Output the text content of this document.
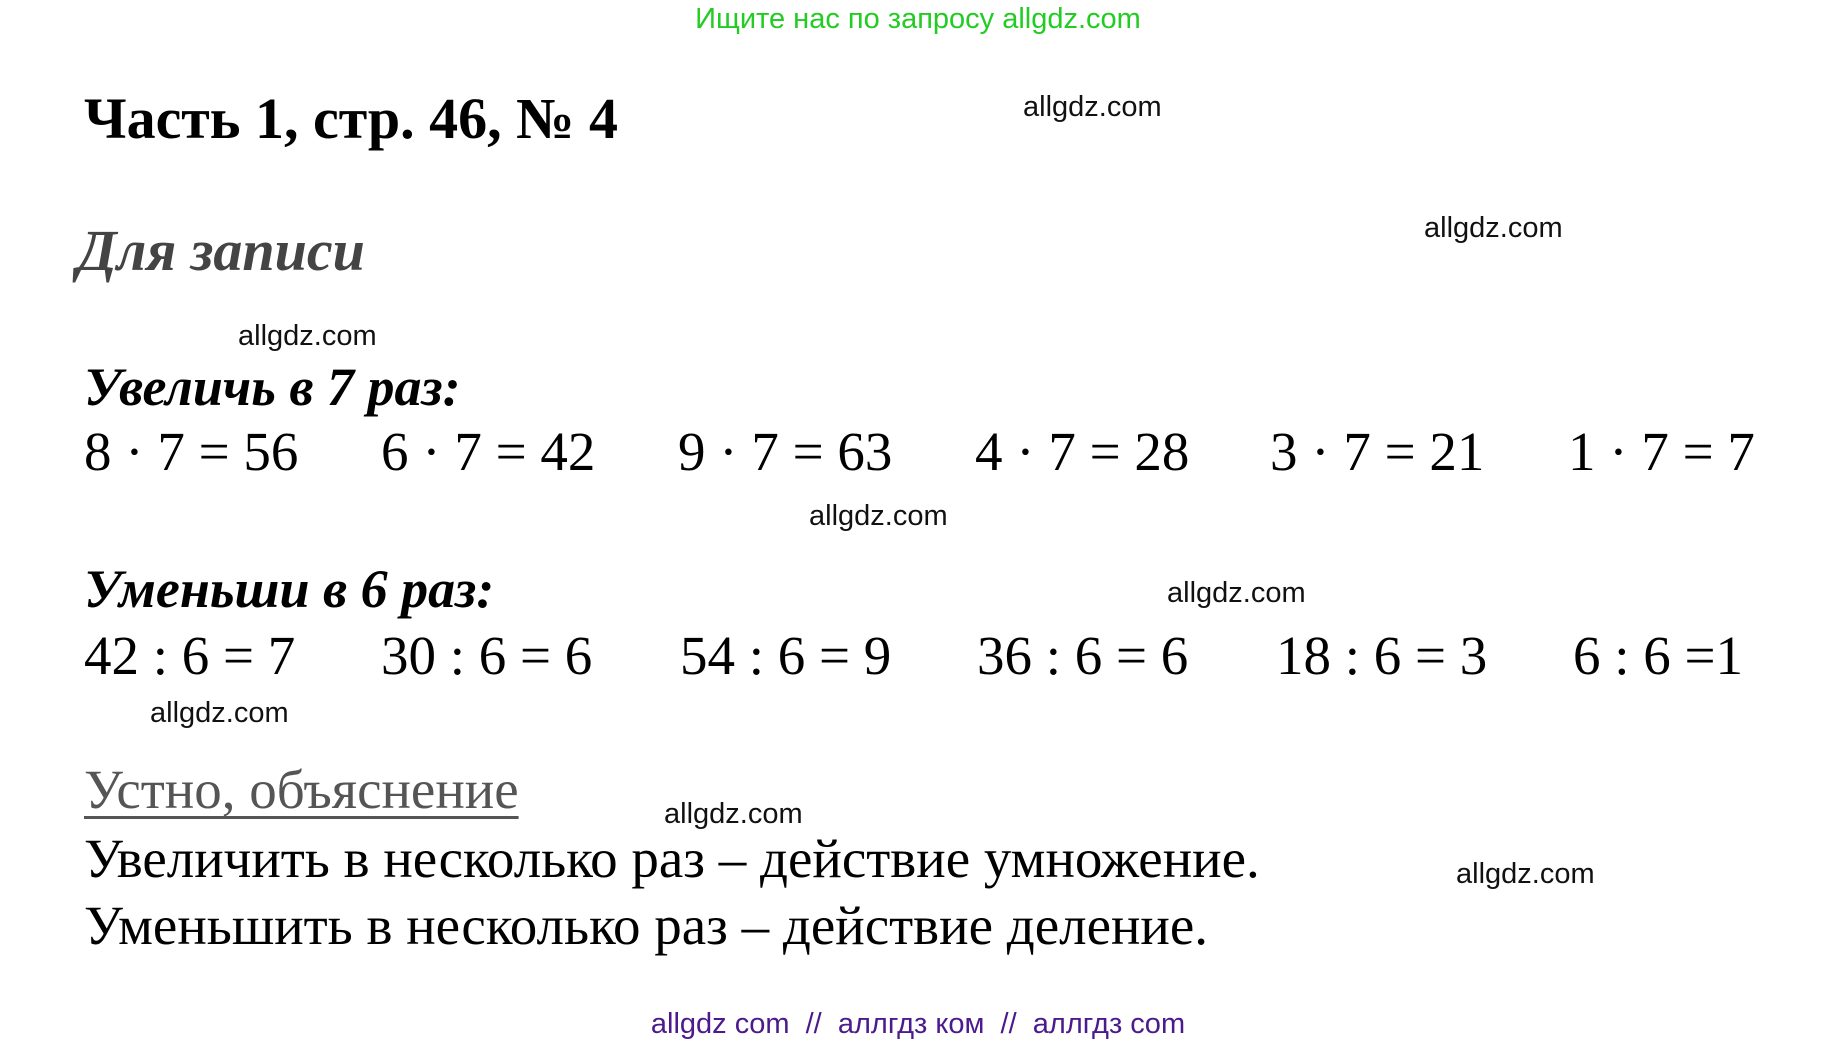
Ищите нас по запросу allgdz.com
Часть 1, стр. 46, № 4
Для записи
Увеличь в 7 раз:
8 · 7 = 56 6 · 7 = 42 9 · 7 = 63 4 · 7 = 28 3 · 7 = 21 1 · 7 = 7
Уменьши в 6 раз:
42 : 6 = 7 30 : 6 = 6 54 : 6 = 9 36 : 6 = 6 18 : 6 = 3 6 : 6 =1
Устно, объяснение
Увеличить в несколько раз – действие умножение.
Уменьшить в несколько раз – действие деление.
allgdz.com
allgdz.com
allgdz.com
allgdz.com
allgdz.com
allgdz.com
allgdz.com
allgdz.com
allgdz com  //  аллгдз ком  //  аллгдз com
